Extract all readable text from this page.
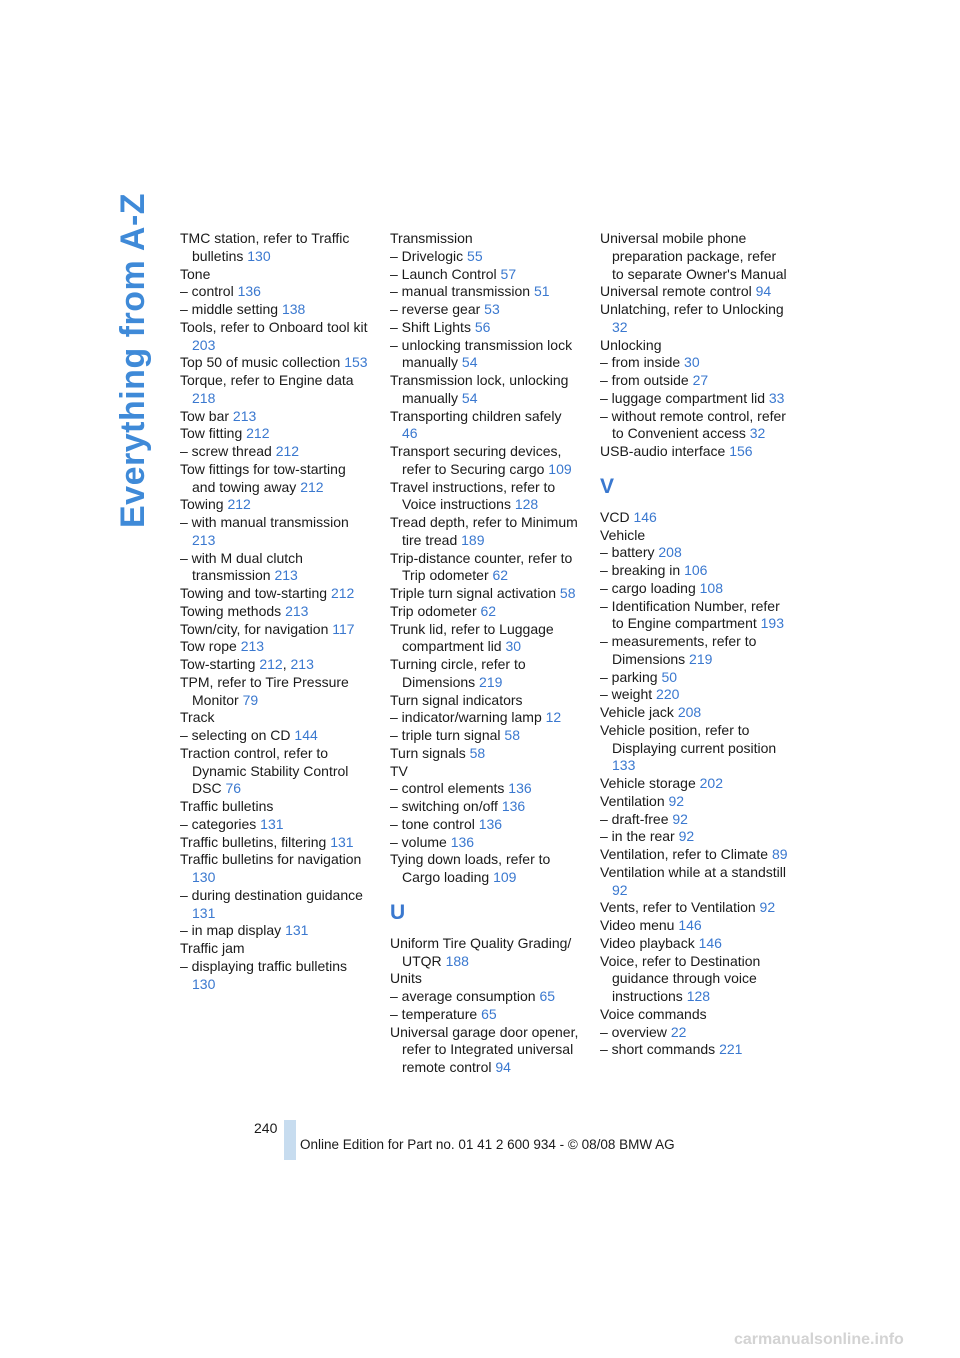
Everything from A-Z TMC station, refer to Traffic bulletins 130

Tone

– control 136

– middle setting 138

Tools, refer to Onboard tool kit 203

Top 50 of music collection 153

Torque, refer to Engine data 218

Tow bar 213

Tow fitting 212

– screw thread 212

Tow fittings for tow-starting and towing away 212

Towing 212

– with manual transmission 213

– with M dual clutch transmission 213

Towing and tow-starting 212

Towing methods 213

Town/city, for navigation 117

Tow rope 213

Tow-starting 212, 213

TPM, refer to Tire Pressure Monitor 79

Track

– selecting on CD 144

Traction control, refer to Dynamic Stability Control DSC 76

Traffic bulletins

– categories 131

Traffic bulletins, filtering 131

Traffic bulletins for navigation 130

– during destination guidance 131

– in map display 131

Traffic jam

– displaying traffic bulletins 130

Transmission

– Drivelogic 55

– Launch Control 57

– manual transmission 51

– reverse gear 53

– Shift Lights 56

– unlocking transmission lock manually 54

Transmission lock, unlocking manually 54

Transporting children safely 46

Transport securing devices, refer to Securing cargo 109

Travel instructions, refer to Voice instructions 128

Tread depth, refer to Minimum tire tread 189

Trip-distance counter, refer to Trip odometer 62

Triple turn signal activation 58

Trip odometer 62

Trunk lid, refer to Luggage compartment lid 30

Turning circle, refer to Dimensions 219

Turn signal indicators

– indicator/warning lamp 12

– triple turn signal 58

Turn signals 58

TV

– control elements 136

– switching on/off 136

– tone control 136

– volume 136

Tying down loads, refer to Cargo loading 109

U

Uniform Tire Quality Grading/ UTQR 188

Units

– average consumption 65

– temperature 65

Universal garage door opener, refer to Integrated universal remote control 94

Universal mobile phone preparation package, refer to separate Owner's Manual

Universal remote control 94

Unlatching, refer to Unlocking 32

Unlocking

– from inside 30

– from outside 27

– luggage compartment lid 33

– without remote control, refer to Convenient access 32

USB-audio interface 156

V

VCD 146

Vehicle

– battery 208

– breaking in 106

– cargo loading 108

– Identification Number, refer to Engine compartment 193

– measurements, refer to Dimensions 219

– parking 50

– weight 220

Vehicle jack 208

Vehicle position, refer to Displaying current position 133

Vehicle storage 202

Ventilation 92

– draft-free 92

– in the rear 92

Ventilation, refer to Climate 89

Ventilation while at a standstill 92

Vents, refer to Ventilation 92

Video menu 146

Video playback 146

Voice, refer to Destination guidance through voice instructions 128

Voice commands

– overview 22

– short commands 221

240
Online Edition for Part no. 01 41 2 600 934 - © 08/08 BMW AG
carmanualsonline.info
